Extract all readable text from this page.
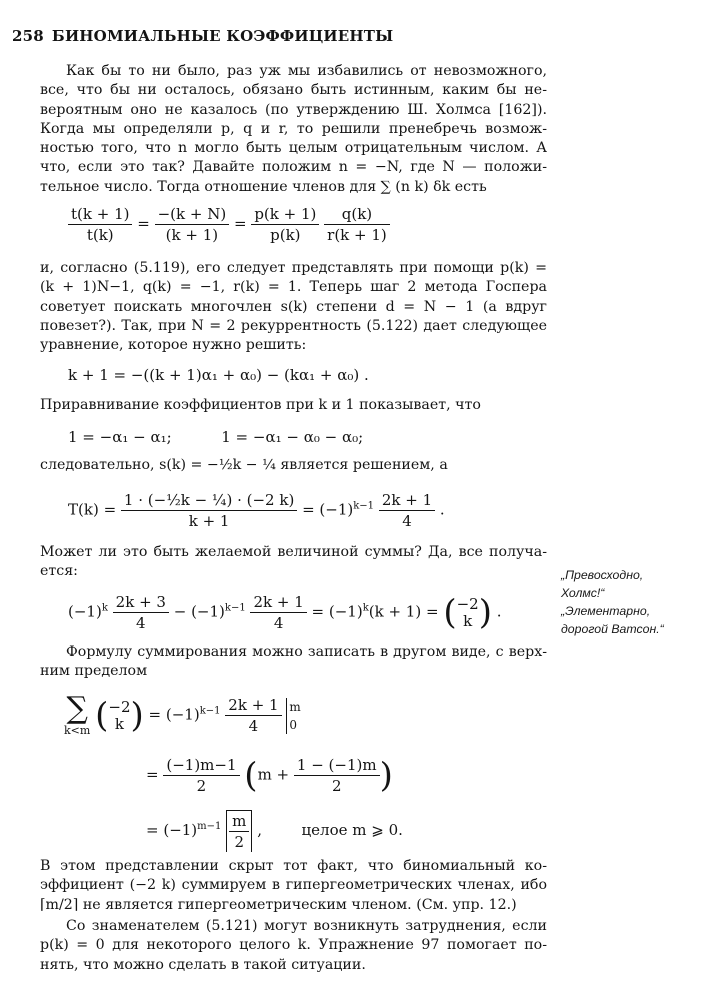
258 БИНОМИАЛЬНЫЕ КОЭФФИЦИЕНТЫ
Как бы то ни было, раз уж мы избавились от невозможного,
все, что бы ни осталось, обязано быть истинным, каким бы не-
вероятным оно не казалось (по утверждению Ш. Холмса [162]).
Когда мы определяли p, q и r, то решили пренебречь возмож-
ностью того, что n могло быть целым отрицательным числом. А
что, если это так? Давайте положим n = −N, где N — положи-
тельное число. Тогда отношение членов для ∑ (n k) δk есть
$\frac{t(k + 1)}{t(k)} = \frac{-(k + N)}{(k + 1)} = \frac{p(k + 1)}{p(k)}$
$\frac{q(k)}{r(k + 1)}$
и, согласно (5.119), его следует представлять при помощи p(k) =
(k + 1)N−1, q(k) = −1, r(k) = 1. Теперь шаг 2 метода Госпера
советует поискать многочлен s(k) степени d = N − 1 (а вдруг
повезет?). Так, при N = 2 рекуррентность (5.122) дает следующее
уравнение, которое нужно решить:
k + 1 = −((k + 1)α₁ + α₀) − (kα₁ + α₀) .
Приравнивание коэффициентов при k и 1 показывает, что
1 = −α₁ − α₁;	1 = −α₁ − α₀ − α₀;
следовательно, s(k) = −½k − ¼ является решением, а
$T(k) = \frac{\text{1 · (−½k − ¼) · (−2 k)}}{k + 1} = (-1)^{k-1} \frac{2k + 1}{4}$ .
Может ли это быть желаемой величиной суммы? Да, все получа-
ется:
$(-1)^k \frac{2k + 3}{4} - (-1)^{k-1} \frac{2k + 1}{4} = (-1)^k(k + 1)$ = ( −2
k ) .
„Превосходно,
Холмс!“
„Элементарно,
дорогой Ватсон.“
Формулу суммирования можно записать в другом виде, с верх-
ним пределом
∑
k<m ( −2
k ) = $(-1)^{k-1} \frac{2k + 1}{4}$
m
0
= $\frac{(-1)m-1}{2} (m + \frac{1 - (-1)m}{2}$ )
= $(-1)^{m-1} \frac{m}{2}$ ,	целое m ⩾ 0.
В этом представлении скрыт тот факт, что биномиальный ко-
эффициент (−2 k) суммируем в гипергеометрических членах, ибо
⌈m/2⌉ не является гипергеометрическим членом. (См. упр. 12.)
Со знаменателем (5.121) могут возникнуть затруднения, если
p(k) = 0 для некоторого целого k. Упражнение 97 помогает по-
нять, что можно сделать в такой ситуации.
